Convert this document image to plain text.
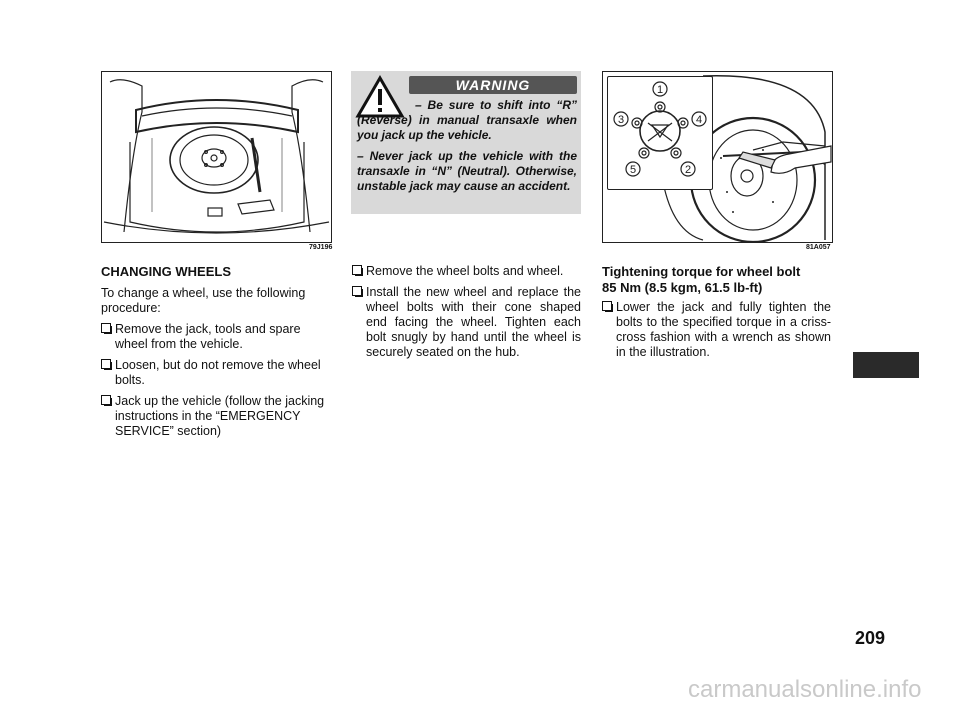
79J196
WARNING

– Be sure to shift into “R” (Reverse) in manual transaxle when you jack up the vehicle.

– Never jack up the vehicle with the transaxle in “N” (Neutral). Otherwise, unstable jack may cause an accident.

1
4
2
5
3
81A057
CHANGING WHEELS

To change a wheel, use the following procedure:

Remove the jack, tools and spare wheel from the vehicle.
Loosen, but do not remove the wheel bolts.
Jack up the vehicle (follow the jacking instructions in the “EMERGENCY SERVICE” section)
Remove the wheel bolts and wheel.
Install the new wheel and replace the wheel bolts with their cone shaped end facing the wheel. Tighten each bolt snugly by hand until the wheel is securely seated on the hub.
Tightening torque for wheel bolt
85 Nm (8.5 kgm, 61.5 lb-ft)
Lower the jack and fully tighten the bolts to the specified torque in a criss-cross fashion with a wrench as shown in the illustration.
209
carmanualsonline.info
